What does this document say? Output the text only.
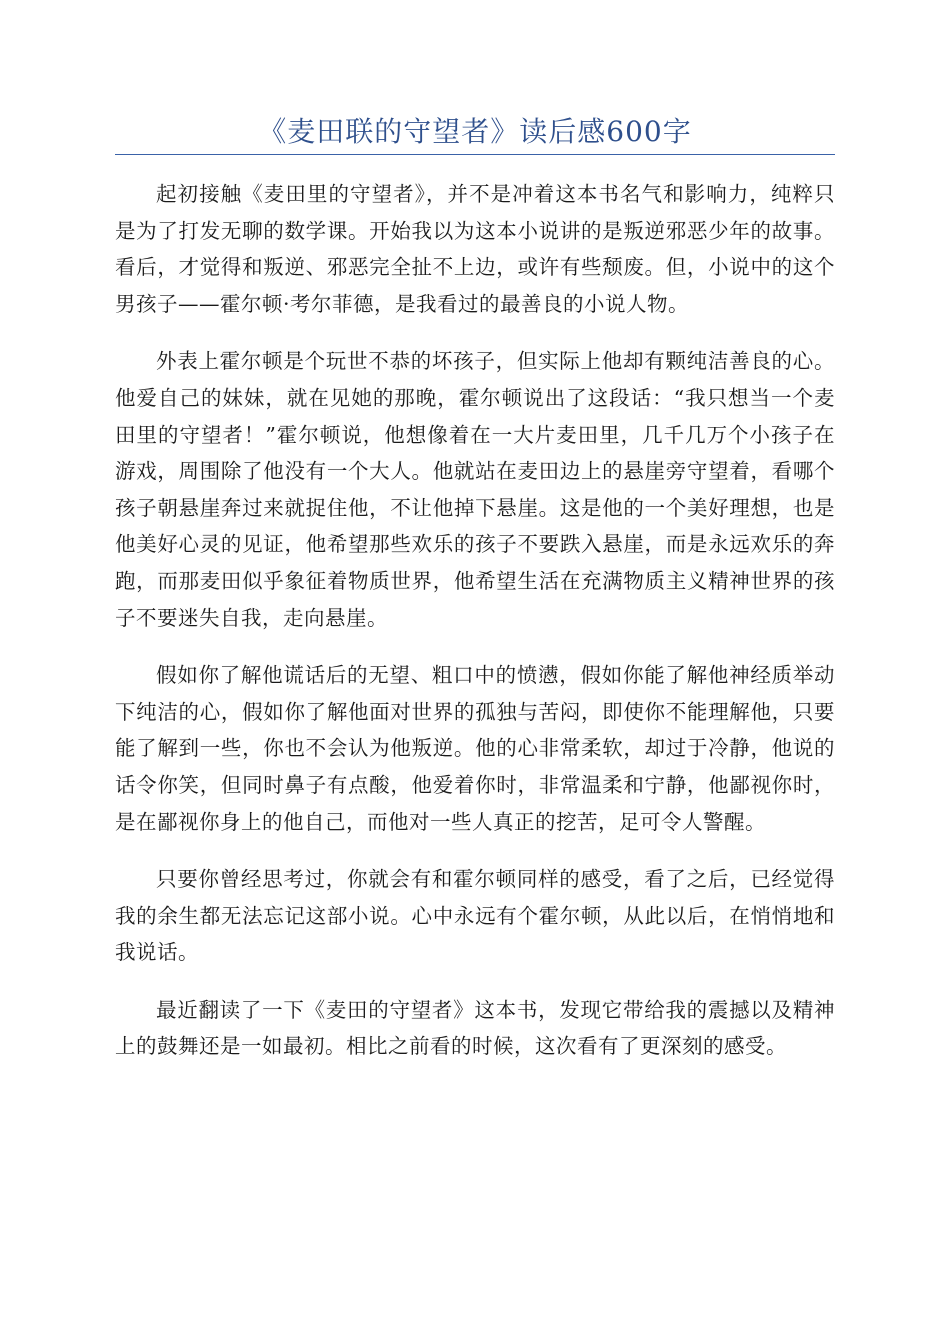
《麦田联的守望者》读后感600字

起初接触《麦田里的守望者》，并不是冲着这本书名气和影响力，纯粹只是为了打发无聊的数学课。开始我以为这本小说讲的是叛逆邪恶少年的故事。看后，才觉得和叛逆、邪恶完全扯不上边，或许有些颓废。但，小说中的这个男孩子——霍尔顿·考尔菲德，是我看过的最善良的小说人物。

外表上霍尔顿是个玩世不恭的坏孩子，但实际上他却有颗纯洁善良的心。他爱自己的妹妹，就在见她的那晚，霍尔顿说出了这段话：“我只想当一个麦田里的守望者！”霍尔顿说，他想像着在一大片麦田里，几千几万个小孩子在游戏，周围除了他没有一个大人。他就站在麦田边上的悬崖旁守望着，看哪个孩子朝悬崖奔过来就捉住他，不让他掉下悬崖。这是他的一个美好理想，也是他美好心灵的见证，他希望那些欢乐的孩子不要跌入悬崖，而是永远欢乐的奔跑，而那麦田似乎象征着物质世界，他希望生活在充满物质主义精神世界的孩子不要迷失自我，走向悬崖。

假如你了解他谎话后的无望、粗口中的愤懑，假如你能了解他神经质举动下纯洁的心，假如你了解他面对世界的孤独与苦闷，即使你不能理解他，只要能了解到一些，你也不会认为他叛逆。他的心非常柔软，却过于冷静，他说的话令你笑，但同时鼻子有点酸，他爱着你时，非常温柔和宁静，他鄙视你时，是在鄙视你身上的他自己，而他对一些人真正的挖苦，足可令人警醒。

只要你曾经思考过，你就会有和霍尔顿同样的感受，看了之后，已经觉得我的余生都无法忘记这部小说。心中永远有个霍尔顿，从此以后，在悄悄地和我说话。

最近翻读了一下《麦田的守望者》这本书，发现它带给我的震撼以及精神上的鼓舞还是一如最初。相比之前看的时候，这次看有了更深刻的感受。
